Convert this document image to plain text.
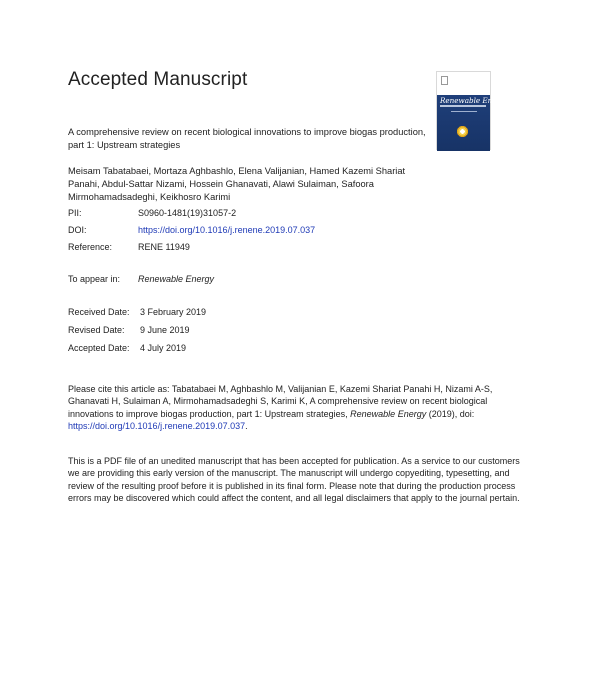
Accepted Manuscript
Renewable Energy
A comprehensive review on recent biological innovations to improve biogas production, part 1: Upstream strategies
Meisam Tabatabaei, Mortaza Aghbashlo, Elena Valijanian, Hamed Kazemi Shariat Panahi, Abdul-Sattar Nizami, Hossein Ghanavati, Alawi Sulaiman, Safoora Mirmohamadsadeghi, Keikhosro Karimi
PII:	S0960-1481(19)31057-2
DOI:	https://doi.org/10.1016/j.renene.2019.07.037
Reference:	RENE 11949
To appear in: Renewable Energy
Received Date: 3 February 2019
Revised Date: 9 June 2019
Accepted Date: 4 July 2019
Please cite this article as: Tabatabaei M, Aghbashlo M, Valijanian E, Kazemi Shariat Panahi H, Nizami A-S, Ghanavati H, Sulaiman A, Mirmohamadsadeghi S, Karimi K, A comprehensive review on recent biological innovations to improve biogas production, part 1: Upstream strategies, Renewable Energy (2019), doi: https://doi.org/10.1016/j.renene.2019.07.037.
This is a PDF file of an unedited manuscript that has been accepted for publication. As a service to our customers we are providing this early version of the manuscript. The manuscript will undergo copyediting, typesetting, and review of the resulting proof before it is published in its final form. Please note that during the production process errors may be discovered which could affect the content, and all legal disclaimers that apply to the journal pertain.
